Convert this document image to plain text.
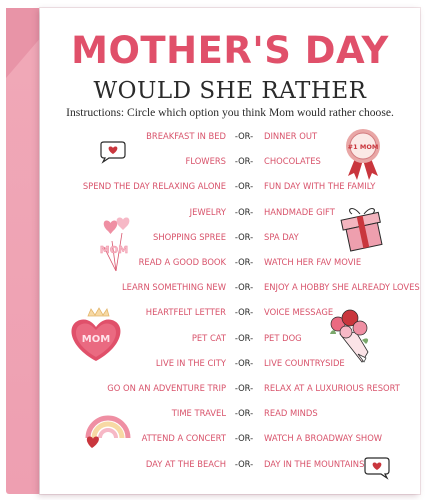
MOTHER'S DAY
WOULD SHE RATHER
Instructions: Circle which option you think Mom would rather choose.
BREAKFAST IN BED	-OR-	DINNER OUT
FLOWERS	-OR-	CHOCOLATES
SPEND THE DAY RELAXING ALONE	-OR-	FUN DAY WITH THE FAMILY
JEWELRY	-OR-	HANDMADE GIFT
SHOPPING SPREE	-OR-	SPA DAY
READ A GOOD BOOK	-OR-	WATCH HER FAV MOVIE
LEARN SOMETHING NEW	-OR-	ENJOY A HOBBY SHE ALREADY LOVES
HEARTFELT LETTER	-OR-	VOICE MESSAGE
PET CAT	-OR-	PET DOG
LIVE IN THE CITY	-OR-	LIVE COUNTRYSIDE
GO ON AN ADVENTURE TRIP	-OR-	RELAX AT A LUXURIOUS RESORT
TIME TRAVEL	-OR-	READ MINDS
ATTEND A CONCERT	-OR-	WATCH A BROADWAY SHOW
DAY AT THE BEACH	-OR-	DAY IN THE MOUNTAINS
#1 MOM
MOM
MOM
